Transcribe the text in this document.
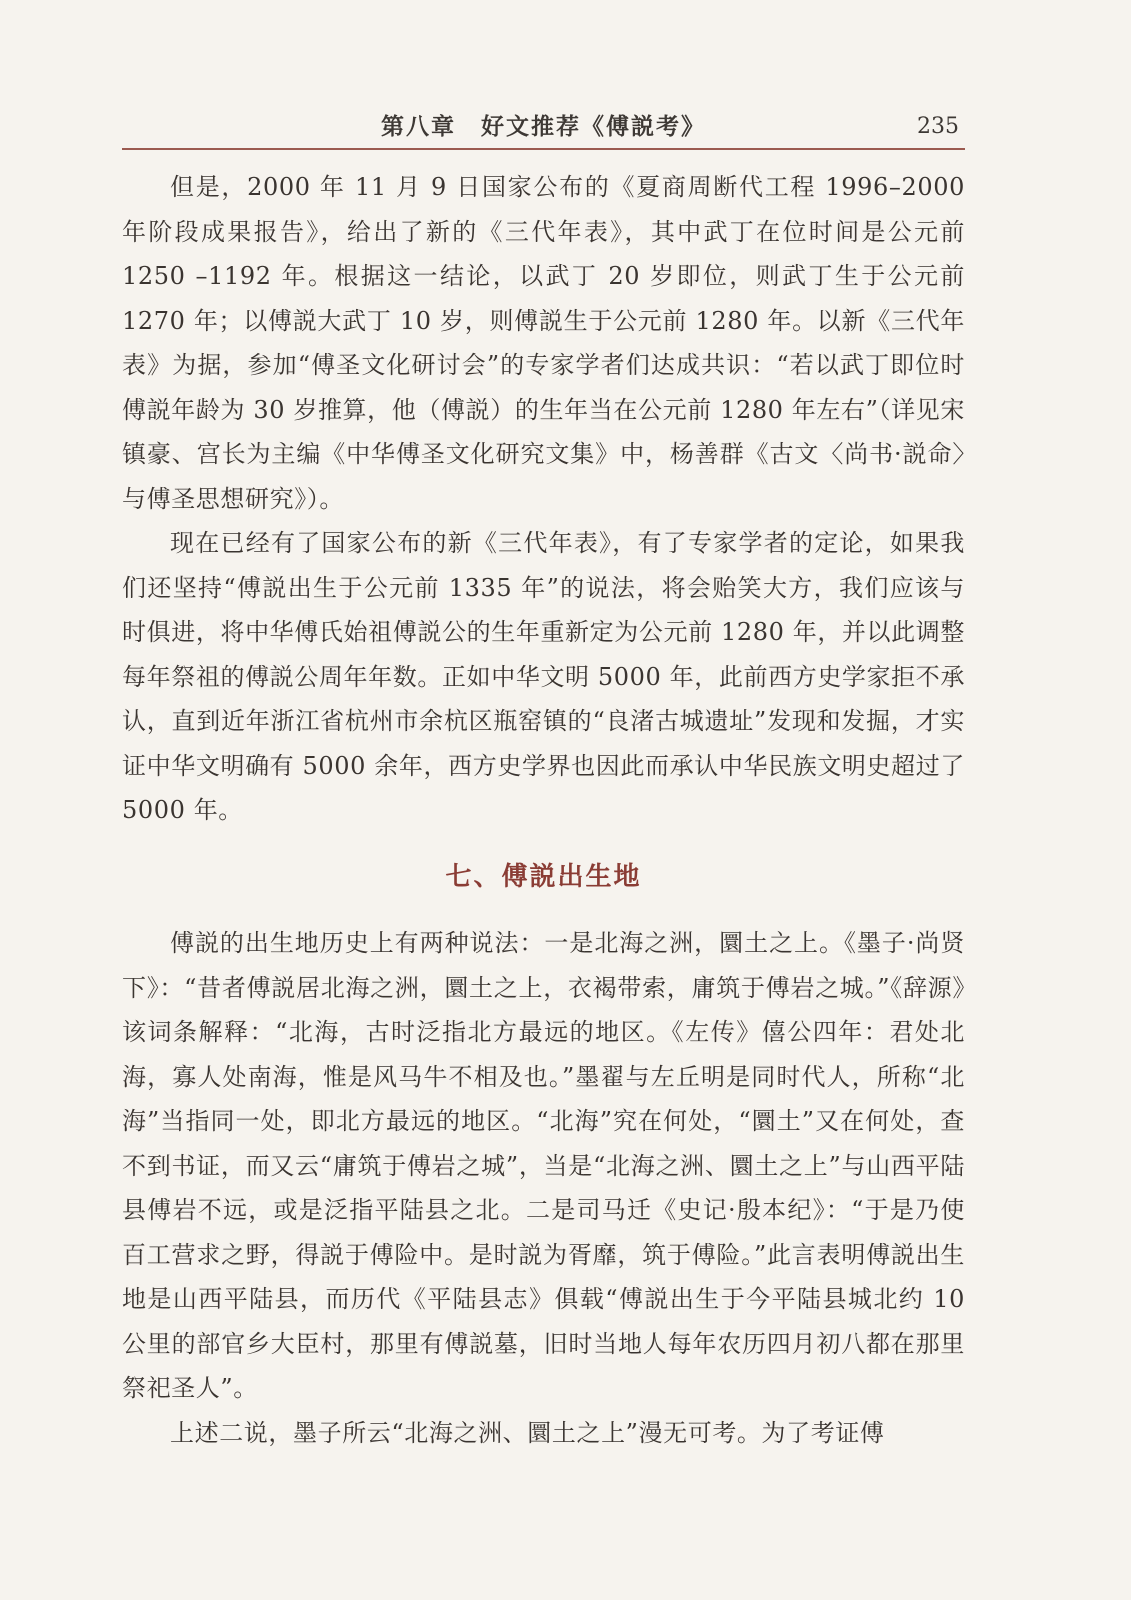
第八章　好文推荐《傅説考》	235

但是，2000 年 11 月 9 日国家公布的《夏商周断代工程 1996–2000 年阶段成果报告》，给出了新的《三代年表》，其中武丁在位时间是公元前 1250 –1192 年。根据这一结论，以武丁 20 岁即位，则武丁生于公元前 1270 年；以傅説大武丁 10 岁，则傅説生于公元前 1280 年。以新《三代年表》为据，参加“傅圣文化研讨会”的专家学者们达成共识：“若以武丁即位时傅説年龄为 30 岁推算，他（傅説）的生年当在公元前 1280 年左右”（详见宋镇豪、宫长为主编《中华傅圣文化研究文集》中，杨善群《古文〈尚书·説命〉与傅圣思想研究》）。

现在已经有了国家公布的新《三代年表》，有了专家学者的定论，如果我们还坚持“傅説出生于公元前 1335 年”的说法，将会贻笑大方，我们应该与时俱进，将中华傅氏始祖傅説公的生年重新定为公元前 1280 年，并以此调整每年祭祖的傅説公周年年数。正如中华文明 5000 年，此前西方史学家拒不承认，直到近年浙江省杭州市余杭区瓶窑镇的“良渚古城遗址”发现和发掘，才实证中华文明确有 5000 余年，西方史学界也因此而承认中华民族文明史超过了 5000 年。

七、傅説出生地

傅説的出生地历史上有两种说法：一是北海之洲，圜土之上。《墨子·尚贤下》：“昔者傅説居北海之洲，圜土之上，衣褐带索，庸筑于傅岩之城。”《辞源》该词条解释：“北海，古时泛指北方最远的地区。《左传》僖公四年：君处北海，寡人处南海，惟是风马牛不相及也。”墨翟与左丘明是同时代人，所称“北海”当指同一处，即北方最远的地区。“北海”究在何处，“圜土”又在何处，查不到书证，而又云“庸筑于傅岩之城”，当是“北海之洲、圜土之上”与山西平陆县傅岩不远，或是泛指平陆县之北。二是司马迁《史记·殷本纪》：“于是乃使百工营求之野，得説于傅险中。是时説为胥靡，筑于傅险。”此言表明傅説出生地是山西平陆县，而历代《平陆县志》俱载“傅説出生于今平陆县城北约 10 公里的部官乡大臣村，那里有傅説墓，旧时当地人每年农历四月初八都在那里祭祀圣人”。

上述二说，墨子所云“北海之洲、圜土之上”漫无可考。为了考证傅
